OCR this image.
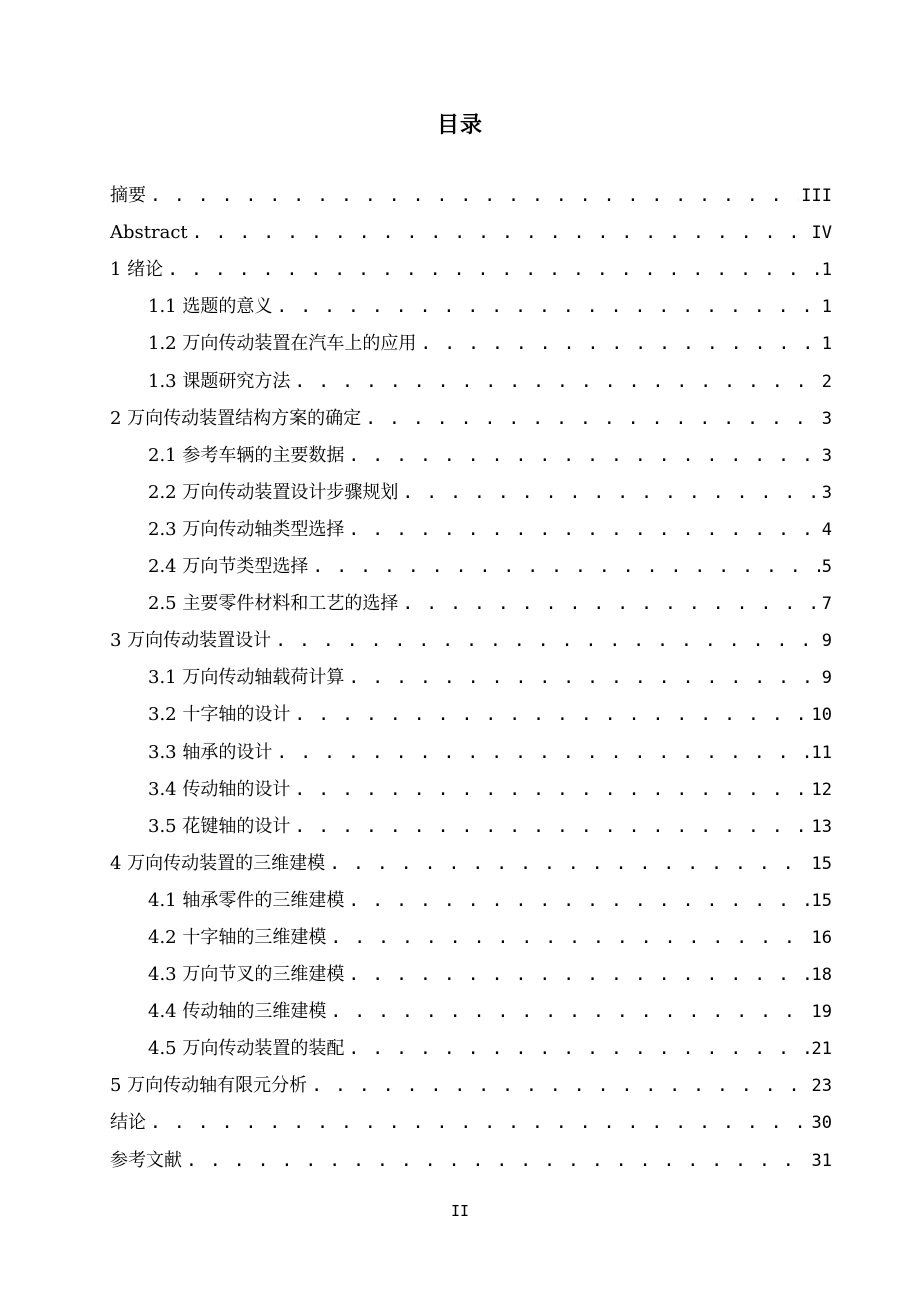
目录
摘要 . . .	III
Abstract . . .	IV
1 绪论 . . .	1
1.1 选题的意义 . . .	1
1.2 万向传动装置在汽车上的应用 . . .	1
1.3 课题研究方法 . . .	2
2 万向传动装置结构方案的确定 . . .	3
2.1 参考车辆的主要数据 . . .	3
2.2 万向传动装置设计步骤规划 . . .	3
2.3 万向传动轴类型选择 . . .	4
2.4 万向节类型选择 . . .	5
2.5 主要零件材料和工艺的选择 . . .	7
3 万向传动装置设计 . . .	9
3.1 万向传动轴载荷计算 . . .	9
3.2 十字轴的设计 . . .	10
3.3 轴承的设计 . . .	11
3.4 传动轴的设计 . . .	12
3.5 花键轴的设计 . . .	13
4 万向传动装置的三维建模 . . .	15
4.1 轴承零件的三维建模 . . .	15
4.2 十字轴的三维建模 . . .	16
4.3 万向节叉的三维建模 . . .	18
4.4 传动轴的三维建模 . . .	19
4.5 万向传动装置的装配 . . .	21
5 万向传动轴有限元分析 . . .	23
结论 . . .	30
参考文献 . . .	31
II
